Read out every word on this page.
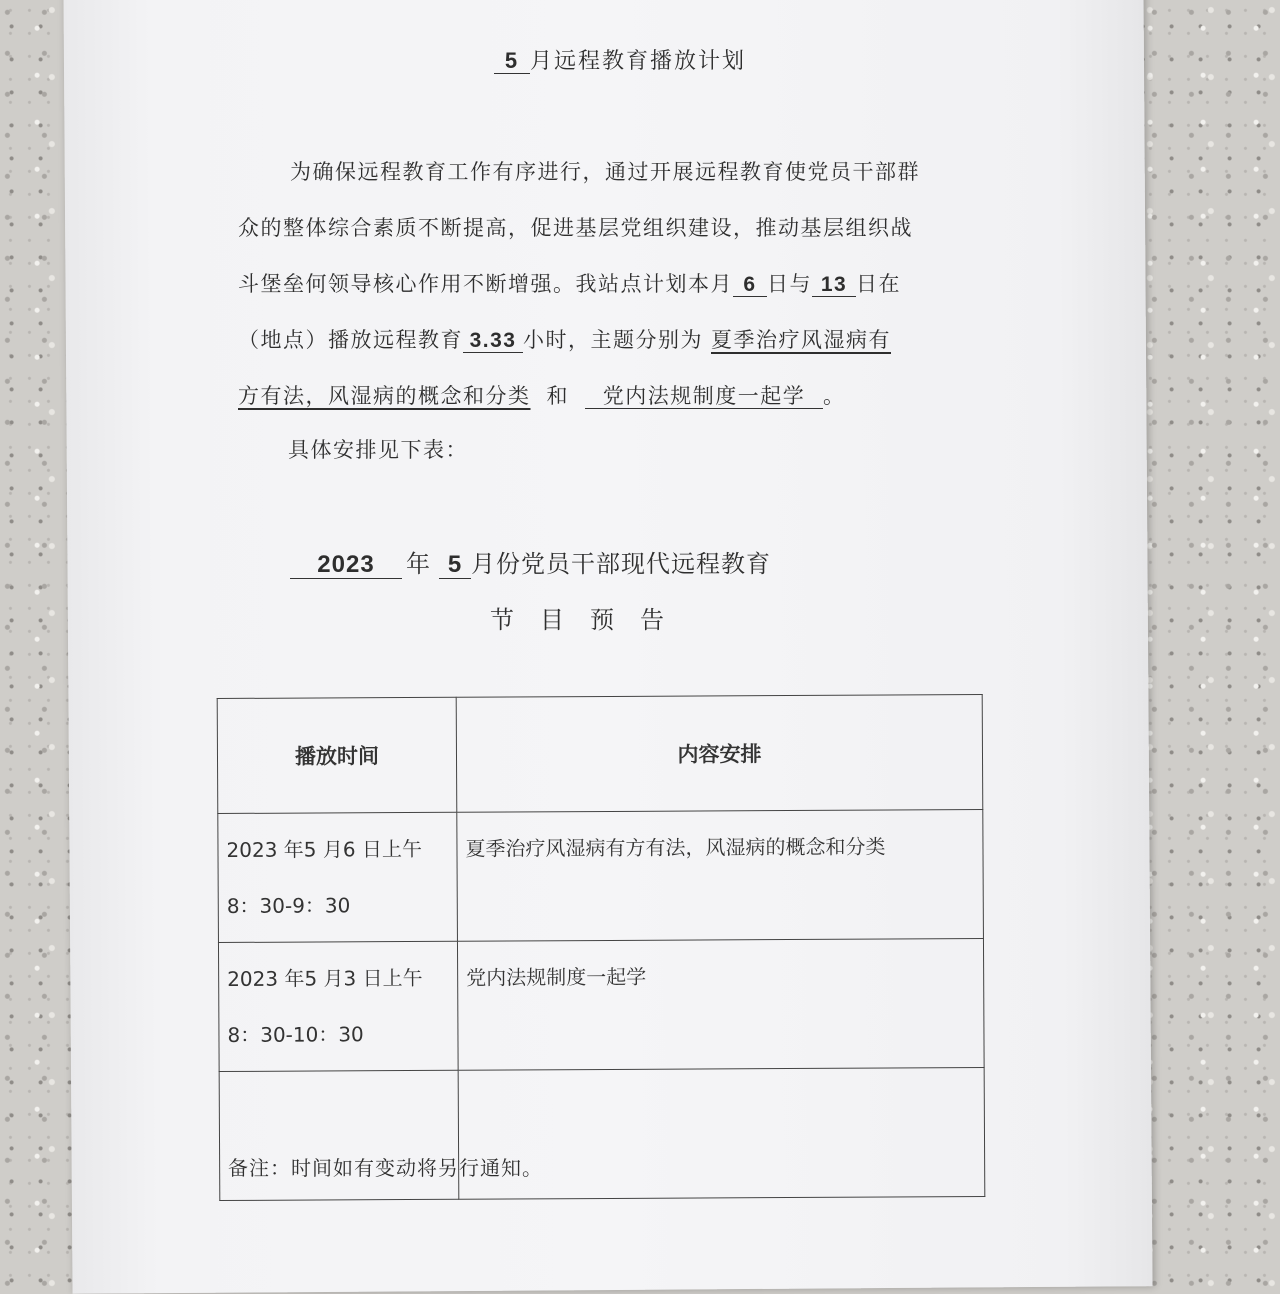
5 月远程教育播放计划
为确保远程教育工作有序进行，通过开展远程教育使党员干部群
众的整体综合素质不断提高，促进基层党组织建设，推动基层组织战
斗堡垒何领导核心作用不断增强。我站点计划本月 6 日与 13 日在
（地点）播放远程教育 3.33 小时，主题分别为 夏季治疗风湿病有
方有法，风湿病的概念和分类 和 党内法规制度一起学 。
具体安排见下表：
2023 年 5 月份党员干部现代远程教育
节　目　预　告
播放时间	内容安排
2023 年5 月6 日上午
8：30-9：30	夏季治疗风湿病有方有法，风湿病的概念和分类
2023 年5 月3 日上午
8：30-10：30	党内法规制度一起学

备注：时间如有变动将另行通知。
